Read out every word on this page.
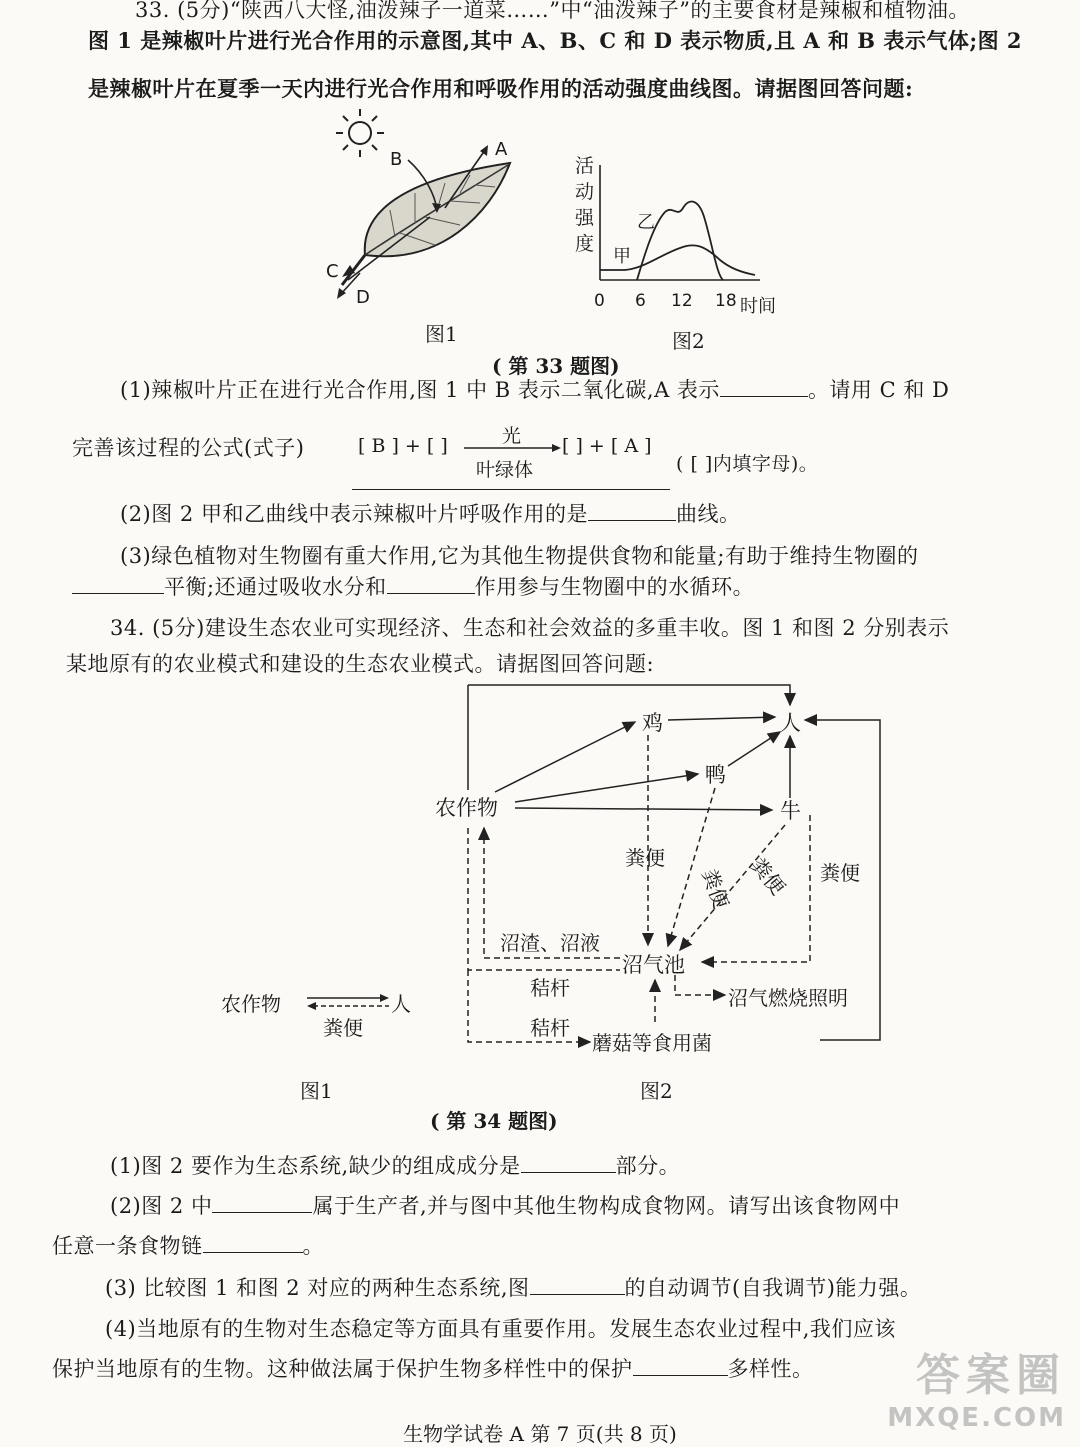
33. (5分)“陕西八大怪,油泼辣子一道菜……”中“油泼辣子”的主要食材是辣椒和植物油。
图 1 是辣椒叶片进行光合作用的示意图,其中 A、B、C 和 D 表示物质,且 A 和 B 表示气体;图 2
是辣椒叶片在夏季一天内进行光合作用和呼吸作用的活动强度曲线图。请据图回答问题:
B	A
C
D
图1
活
动
强
度
甲
乙
0 6 12 18 时间
图2
( 第 33 题图)
(1)辣椒叶片正在进行光合作用,图 1 中 B 表示二氧化碳,A 表示	。请用 C 和 D
完善该过程的公式(式子)	[ B ] + [ ]	光
叶绿体
[ ] + [ A ]
( [ ]内填字母)。
(2)图 2 甲和乙曲线中表示辣椒叶片呼吸作用的是	曲线。
(3)绿色植物对生物圈有重大作用,它为其他生物提供食物和能量;有助于维持生物圈的
平衡;还通过吸收水分和	作用参与生物圈中的水循环。
34. (5分)建设生态农业可实现经济、生态和社会效益的多重丰收。图 1 和图 2 分别表示
某地原有的农业模式和建设的生态农业模式。请据图回答问题:
农作物	人
粪便
图1
鸡	人
鸭
农作物	牛
沼气池
沼渣、沼液
秸杆
秸杆
沼气燃烧照明
蘑菇等食用菌
粪便
粪便
粪便 粪便
图2
( 第 34 题图)
(1)图 2 要作为生态系统,缺少的组成成分是	部分。
(2)图 2 中	属于生产者,并与图中其他生物构成食物网。请写出该食物网中
任意一条食物链	。
(3) 比较图 1 和图 2 对应的两种生态系统,图	的自动调节(自我调节)能力强。
(4)当地原有的生物对生态稳定等方面具有重要作用。发展生态农业过程中,我们应该
保护当地原有的生物。这种做法属于保护生物多样性中的保护	多样性。
生物学试卷 A 第 7 页(共 8 页)
答案圈
MXQE.COM
